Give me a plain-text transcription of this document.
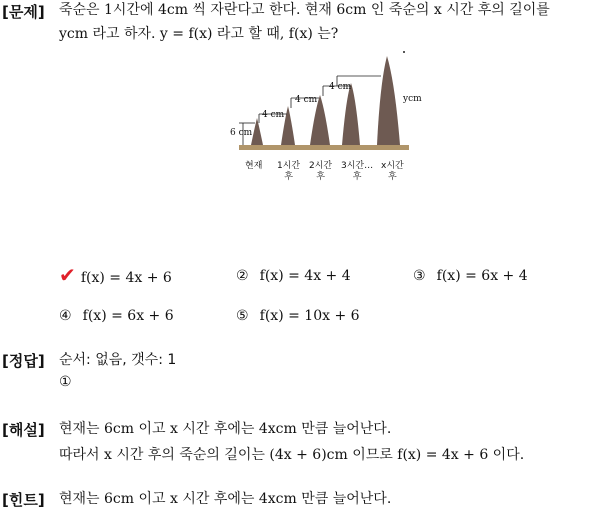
[문제] 죽순은 1시간에 4cm 씩 자란다고 한다. 현재 6cm 인 죽순의 x 시간 후의 길이를
ycm 라고 하자. y = f(x) 라고 할 때, f(x) 는?
6 cm
4 cm
4 cm
4 cm
ycm
현재 1시간
후
2시간
후
3시간…
후
x시간
후
✔ f(x) = 4x + 6	② f(x) = 4x + 4	③ f(x) = 6x + 4
④ f(x) = 6x + 6	⑤ f(x) = 10x + 6
[정답] 순서: 없음, 갯수: 1
①
[해설] 현재는 6cm 이고 x 시간 후에는 4xcm 만큼 늘어난다.
따라서 x 시간 후의 죽순의 길이는 (4x + 6)cm 이므로 f(x) = 4x + 6 이다.
[힌트] 현재는 6cm 이고 x 시간 후에는 4xcm 만큼 늘어난다.
